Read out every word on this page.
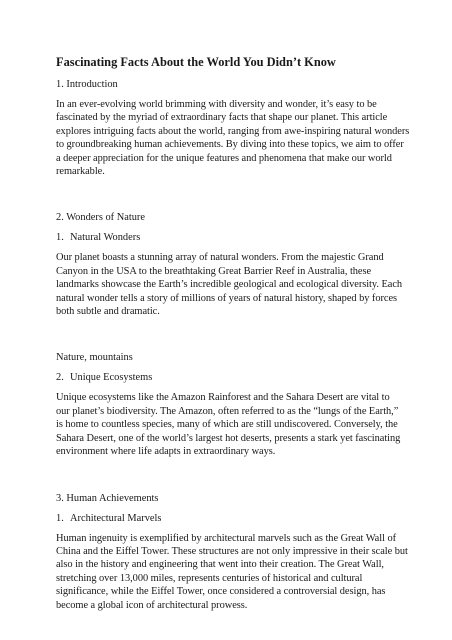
Fascinating Facts About the World You Didn’t Know
1. Introduction
In an ever-evolving world brimming with diversity and wonder, it’s easy to be
fascinated by the myriad of extraordinary facts that shape our planet. This article
explores intriguing facts about the world, ranging from awe-inspiring natural wonders
to groundbreaking human achievements. By diving into these topics, we aim to offer
a deeper appreciation for the unique features and phenomena that make our world
remarkable.
2. Wonders of Nature
1. Natural Wonders
Our planet boasts a stunning array of natural wonders. From the majestic Grand
Canyon in the USA to the breathtaking Great Barrier Reef in Australia, these
landmarks showcase the Earth’s incredible geological and ecological diversity. Each
natural wonder tells a story of millions of years of natural history, shaped by forces
both subtle and dramatic.
Nature, mountains
2. Unique Ecosystems
Unique ecosystems like the Amazon Rainforest and the Sahara Desert are vital to
our planet’s biodiversity. The Amazon, often referred to as the “lungs of the Earth,”
is home to countless species, many of which are still undiscovered. Conversely, the
Sahara Desert, one of the world’s largest hot deserts, presents a stark yet fascinating
environment where life adapts in extraordinary ways.
3. Human Achievements
1. Architectural Marvels
Human ingenuity is exemplified by architectural marvels such as the Great Wall of
China and the Eiffel Tower. These structures are not only impressive in their scale but
also in the history and engineering that went into their creation. The Great Wall,
stretching over 13,000 miles, represents centuries of historical and cultural
significance, while the Eiffel Tower, once considered a controversial design, has
become a global icon of architectural prowess.
